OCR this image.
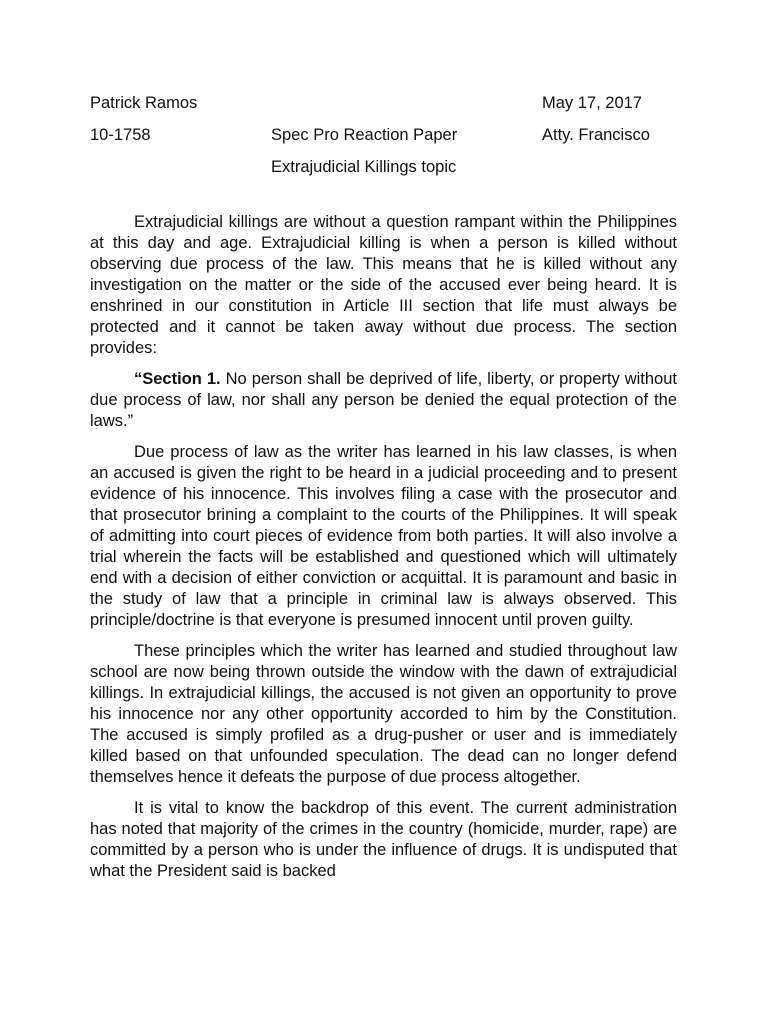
Patrick Ramos	May 17, 2017
10-1758	Spec Pro Reaction Paper	Atty. Francisco
Extrajudicial Killings topic

Extrajudicial killings are without a question rampant within the Philippines at this day and age. Extrajudicial killing is when a person is killed without observing due process of the law. This means that he is killed without any investigation on the matter or the side of the accused ever being heard. It is enshrined in our constitution in Article III section that life must always be protected and it cannot be taken away without due process. The section provides:

“Section 1. No person shall be deprived of life, liberty, or property without due process of law, nor shall any person be denied the equal protection of the laws.”

Due process of law as the writer has learned in his law classes, is when an accused is given the right to be heard in a judicial proceeding and to present evidence of his innocence. This involves filing a case with the prosecutor and that prosecutor brining a complaint to the courts of the Philippines. It will speak of admitting into court pieces of evidence from both parties. It will also involve a trial wherein the facts will be established and questioned which will ultimately end with a decision of either conviction or acquittal. It is paramount and basic in the study of law that a principle in criminal law is always observed. This principle/doctrine is that everyone is presumed innocent until proven guilty.

These principles which the writer has learned and studied throughout law school are now being thrown outside the window with the dawn of extrajudicial killings. In extrajudicial killings, the accused is not given an opportunity to prove his innocence nor any other opportunity accorded to him by the Constitution. The accused is simply profiled as a drug-pusher or user and is immediately killed based on that unfounded speculation. The dead can no longer defend themselves hence it defeats the purpose of due process altogether.

It is vital to know the backdrop of this event. The current administration has noted that majority of the crimes in the country (homicide, murder, rape) are committed by a person who is under the influence of drugs. It is undisputed that what the President said is backed
